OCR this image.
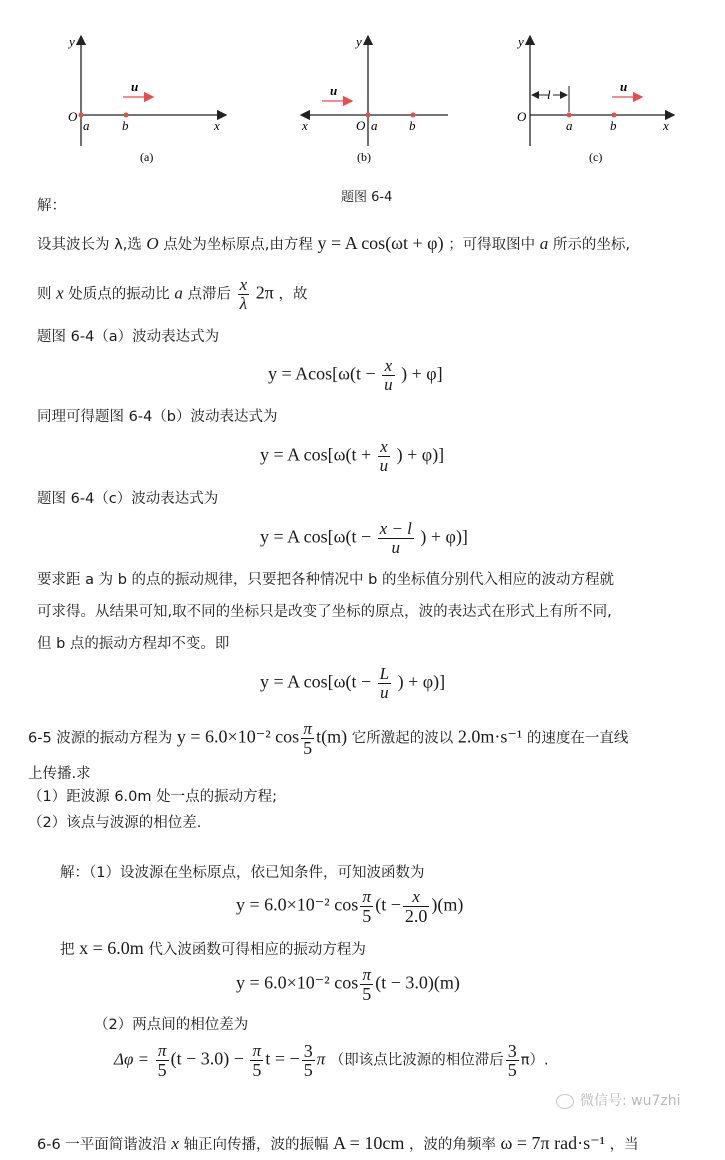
y
O
x
a	b
u
(a)
y
x	O a b
u
(b)
y
O
x
a	b
l
u
(c)
题图 6-4
解：
设其波长为 λ,选 O 点处为坐标原点,由方程 y = A cos(ωt + φ) ；可得取图中 a 所示的坐标,
则 x 处质点的振动比 a 点滞后 $\frac{x}{\lambda} 2\pi$ ，故
题图 6-4（a）波动表达式为
$y = Acos[\omega(t - \frac{x}{u}$ ) + φ]
同理可得题图 6-4（b）波动表达式为
y = A $\cos[\omega(t + \frac{x}{u}$ ) + φ)]
题图 6-4（c）波动表达式为
y = A $\cos[\omega(t - \frac{x - l}{u}$ ) + φ)]
要求距 a 为 b 的点的振动规律，只要把各种情况中 b 的坐标值分别代入相应的波动方程就
可求得。从结果可知,取不同的坐标只是改变了坐标的原点，波的表达式在形式上有所不同,
但 b 点的振动方程却不变。即
y = A $\cos[\omega(t - \frac{L}{u}$ ) + φ)]
6-5 波源的振动方程为 y = 6.0×10⁻² $\cos \frac{\pi}{5} t(m)$ 它所激起的波以 2.0m·s⁻¹ 的速度在一直线
上传播.求
（1）距波源 6.0m 处一点的振动方程;
（2）该点与波源的相位差.
解：（1）设波源在坐标原点，依已知条件，可知波函数为
y = 6.0×10⁻² $\cos \frac{\pi}{5} (t - \frac{x}{2.0} )(m)$
把 x = 6.0m 代入波函数可得相应的振动方程为
y = 6.0×10⁻² $\cos \frac{\pi}{5} (t - 3.0)(m)$
（2）两点间的相位差为
$\Delta\varphi = \frac{\pi}{5} (t - 3.0) - \frac{\pi}{5}$ t = − $\frac{3}{5}$ π （即该点比波源的相位滞后 $\frac{3}{5} \pi$）.
6-6 一平面简谐波沿 x 轴正向传播，波的振幅 A = 10cm ，波的角频率 ω = 7π rad·s⁻¹ ，当
微信号: wu7zhi
